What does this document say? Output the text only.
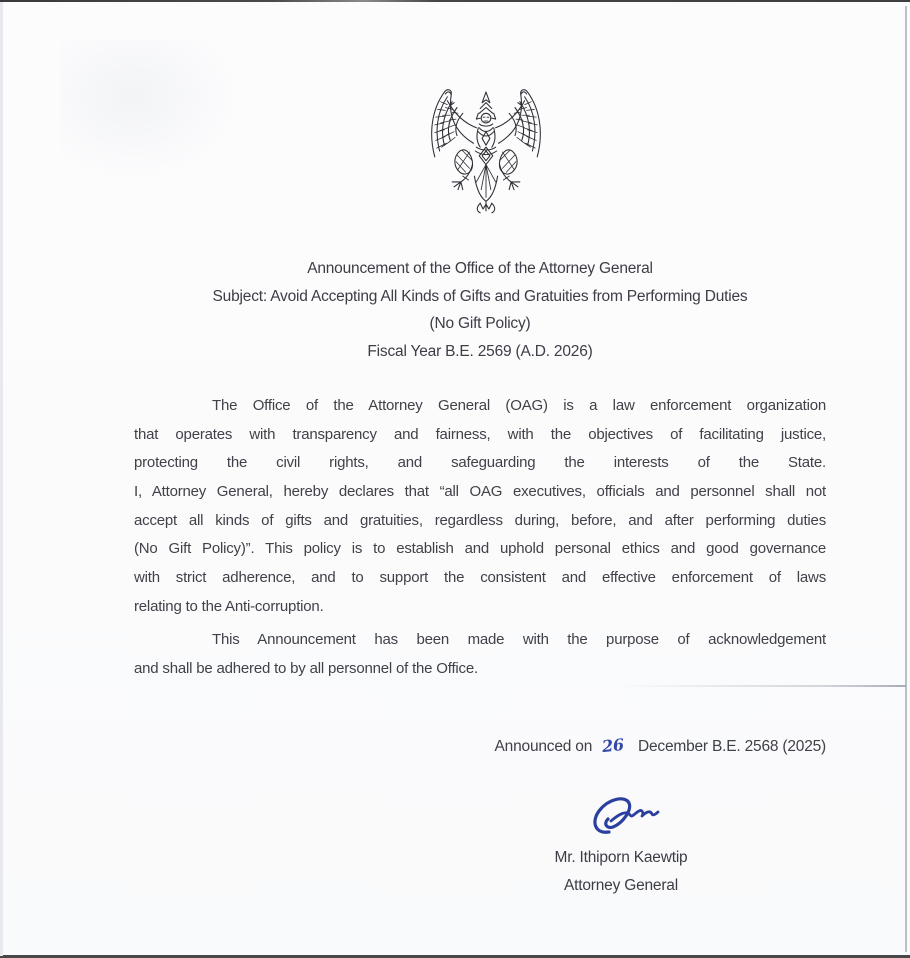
Announcement of the Office of the Attorney General
Subject: Avoid Accepting All Kinds of Gifts and Gratuities from Performing Duties
(No Gift Policy)
Fiscal Year B.E. 2569 (A.D. 2026)
The Office of the Attorney General (OAG) is a law enforcement organization
that operates with transparency and fairness, with the objectives of facilitating justice,
protecting the civil rights, and safeguarding the interests of the State.
I, Attorney General, hereby declares that “all OAG executives, officials and personnel shall not
accept all kinds of gifts and gratuities, regardless during, before, and after performing duties
(No Gift Policy)”. This policy is to establish and uphold personal ethics and good governance
with strict adherence, and to support the consistent and effective enforcement of laws
relating to the Anti-corruption.
This Announcement has been made with the purpose of acknowledgement
and shall be adhered to by all personnel of the Office.
Announced on 26 December B.E. 2568 (2025)
Mr. Ithiporn Kaewtip
Attorney General
